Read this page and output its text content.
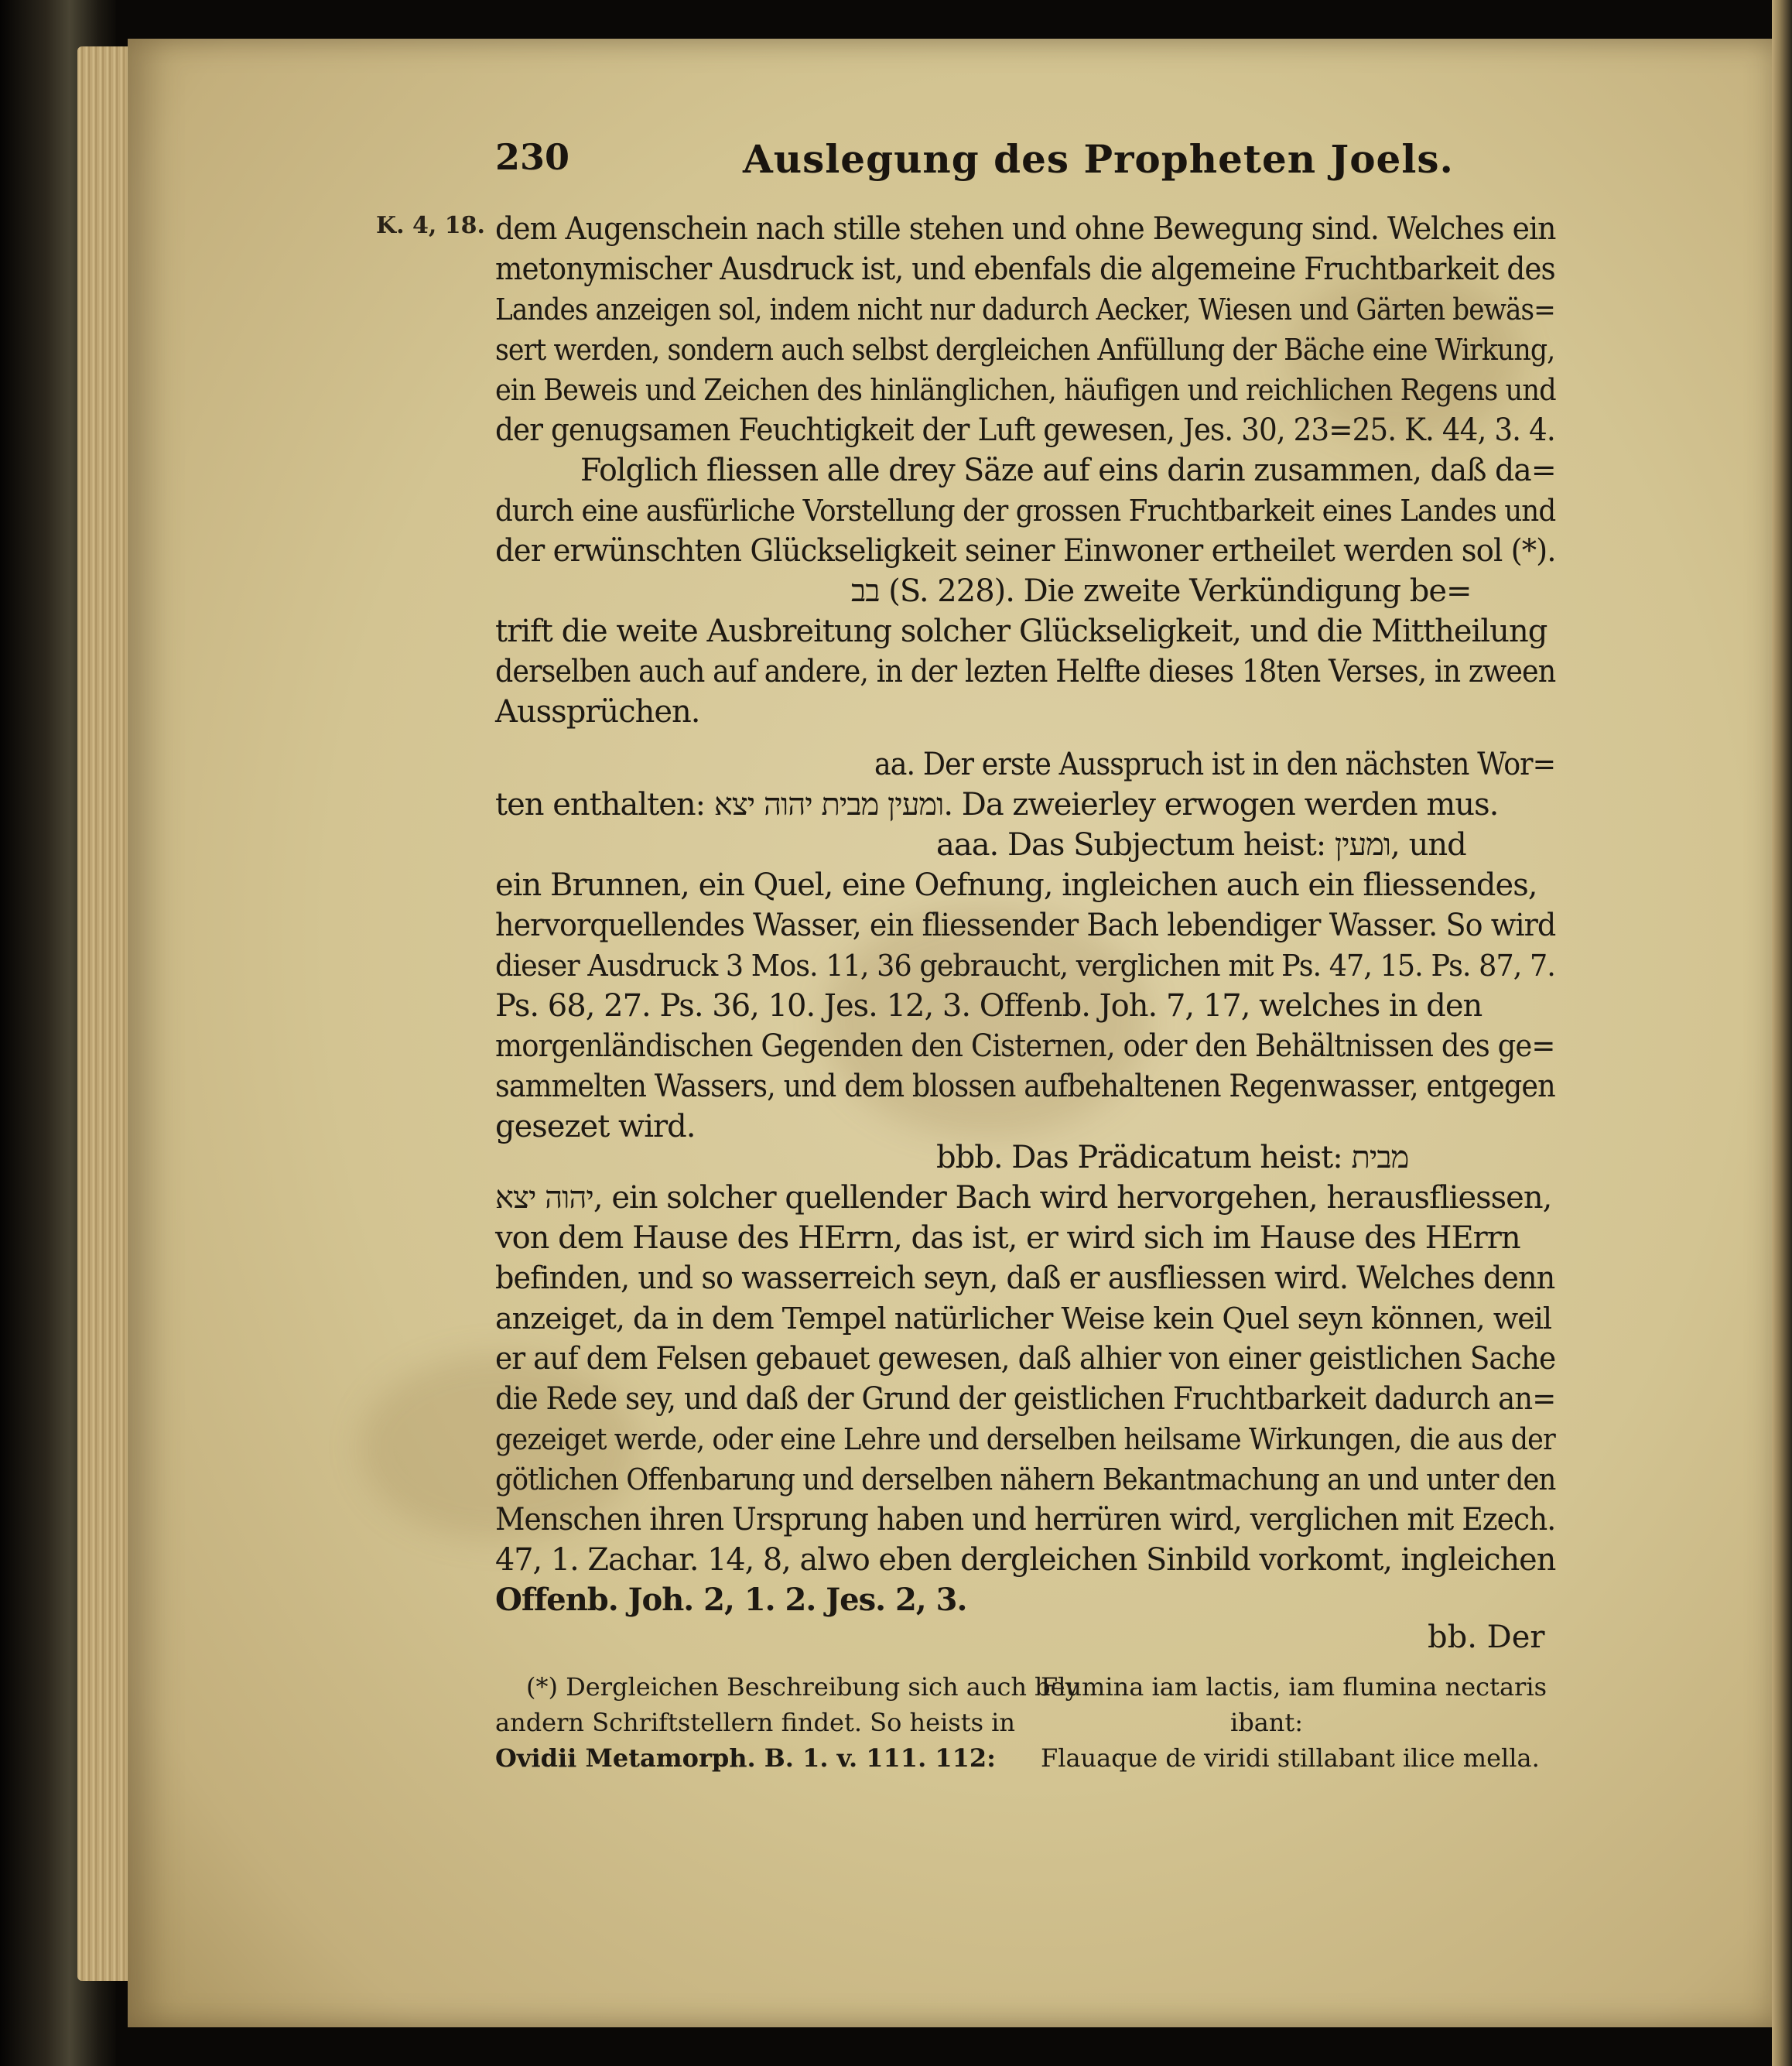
230	Auslegung des Propheten Joels.
K. 4, 18. dem Augenschein nach stille stehen und ohne Bewegung sind. Welches ein
metonymischer Ausdruck ist, und ebenfals die algemeine Fruchtbarkeit des
Landes anzeigen sol, indem nicht nur dadurch Aecker, Wiesen und Gärten bewäs=
sert werden, sondern auch selbst dergleichen Anfüllung der Bäche eine Wirkung,
ein Beweis und Zeichen des hinlänglichen, häufigen und reichlichen Regens und
der genugsamen Feuchtigkeit der Luft gewesen, Jes. 30, 23=25. K. 44, 3. 4.
Folglich fliessen alle drey Säze auf eins darin zusammen, daß da=
durch eine ausfürliche Vorstellung der grossen Fruchtbarkeit eines Landes und
der erwünschten Glückseligkeit seiner Einwoner ertheilet werden sol (*).
בב (S. 228). Die zweite Verkündigung be=
trift die weite Ausbreitung solcher Glückseligkeit, und die Mittheilung
derselben auch auf andere, in der lezten Helfte dieses 18ten Verses, in zween
Aussprüchen.
aa. Der erste Ausspruch ist in den nächsten Wor=
ten enthalten: ומעין מבית יהוה יצא. Da zweierley erwogen werden mus.
aaa. Das Subjectum heist: ומעין, und
ein Brunnen, ein Quel, eine Oefnung, ingleichen auch ein fliessendes,
hervorquellendes Wasser, ein fliessender Bach lebendiger Wasser. So wird
dieser Ausdruck 3 Mos. 11, 36 gebraucht, verglichen mit Ps. 47, 15. Ps. 87, 7.
Ps. 68, 27. Ps. 36, 10. Jes. 12, 3. Offenb. Joh. 7, 17, welches in den
morgenländischen Gegenden den Cisternen, oder den Behältnissen des ge=
sammelten Wassers, und dem blossen aufbehaltenen Regenwasser, entgegen
gesezet wird.
bbb. Das Prädicatum heist: מבית
יהוה יצא, ein solcher quellender Bach wird hervorgehen, herausfliessen,
von dem Hause des HErrn, das ist, er wird sich im Hause des HErrn
befinden, und so wasserreich seyn, daß er ausfliessen wird. Welches denn
anzeiget, da in dem Tempel natürlicher Weise kein Quel seyn können, weil
er auf dem Felsen gebauet gewesen, daß alhier von einer geistlichen Sache
die Rede sey, und daß der Grund der geistlichen Fruchtbarkeit dadurch an=
gezeiget werde, oder eine Lehre und derselben heilsame Wirkungen, die aus der
götlichen Offenbarung und derselben nähern Bekantmachung an und unter den
Menschen ihren Ursprung haben und herrüren wird, verglichen mit Ezech.
47, 1. Zachar. 14, 8, alwo eben dergleichen Sinbild vorkomt, ingleichen
Offenb. Joh. 2, 1. 2. Jes. 2, 3.
bb. Der
(*) Dergleichen Beschreibung sich auch bey
andern Schriftstellern findet. So heists in
Ovidii Metamorph. B. 1. v. 111. 112:
Flumina iam lactis, iam flumina nectaris
ibant:
Flauaque de viridi stillabant ilice mella.
